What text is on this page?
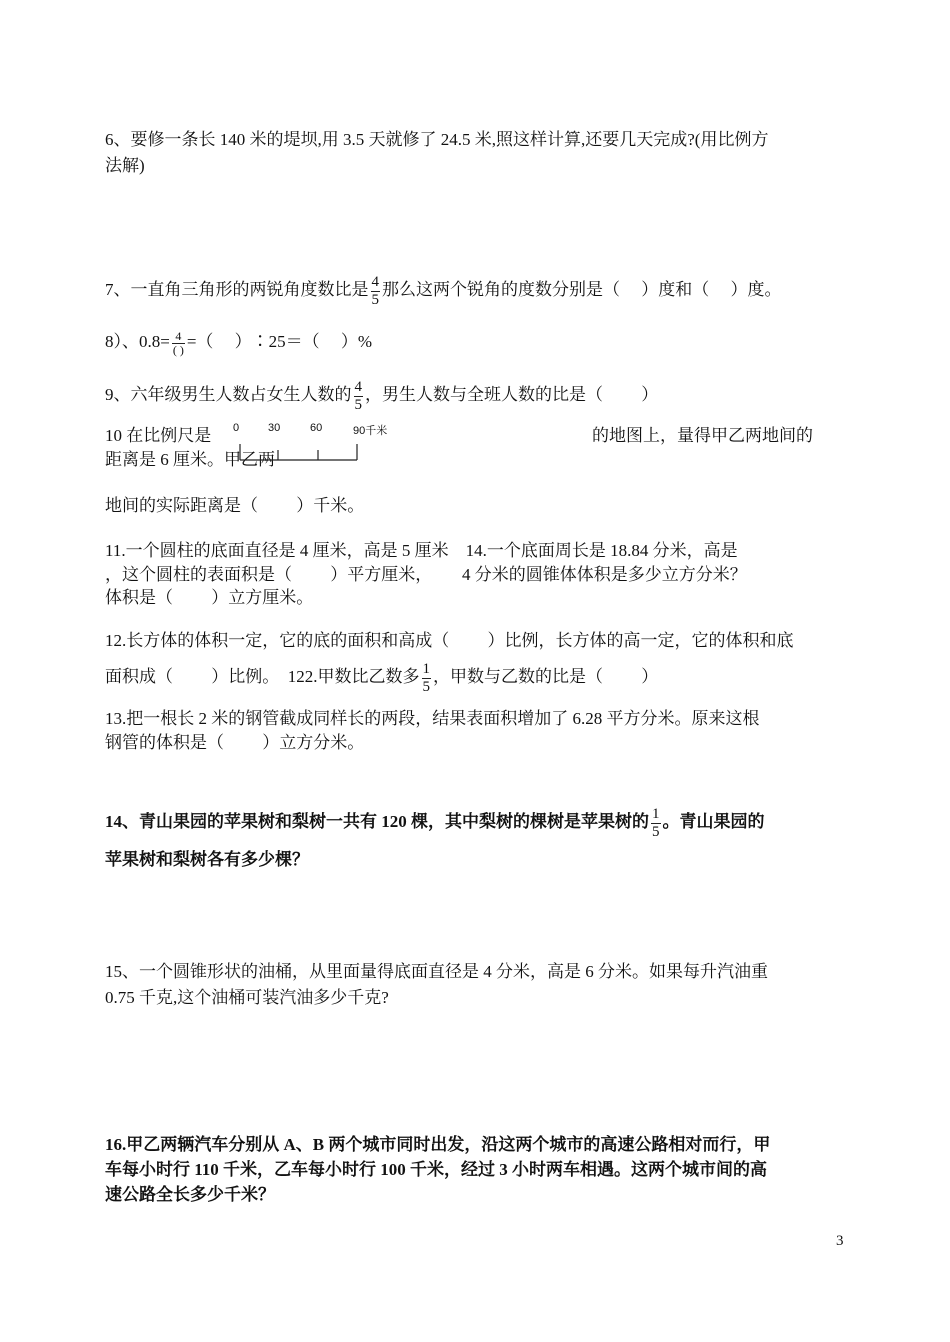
6、要修一条长 140 米的堤坝,用 3.5 天就修了 24.5 米,照这样计算,还要几天完成?(用比例方
法解)
7、一直角三角形的两锐角度数比是 $\frac{4}{5}$ 那么这两个锐角的度数分别是（　 ）度和（　 ）度。
8）、$0.8= \frac{4}{( )}$ =（　 ）∶25＝（　 ）%
9、六年级男生人数占女生人数的 $\frac{4}{5}$ ，男生人数与全班人数的比是（　　 ）
10 在比例尺是	的地图上，量得甲乙两地间的
距离是 6 厘米。甲乙两
0	30	60	90千米
地间的实际距离是（　　 ）千米。
11.一个圆柱的底面直径是 4 厘米，高是 5 厘米　14.一个底面周长是 18.84 分米，高是
，这个圆柱的表面积是（　　 ）平方厘米，　　 4 分米的圆锥体体积是多少立方分米？
体积是（　　 ）立方厘米。
12.长方体的体积一定，它的底的面积和高成（　　 ）比例，长方体的高一定，它的体积和底
面积成（　　 ）比例。　122.甲数比乙数多 $\frac{1}{5}$ ，甲数与乙数的比是（　　 ）
13.把一根长 2 米的钢管截成同样长的两段，结果表面积增加了 6.28 平方分米。原来这根
钢管的体积是（　　 ）立方分米。
14、青山果园的苹果树和梨树一共有 120 棵，其中梨树的棵树是苹果树的 $\frac{1}{5}$ 。青山果园的
苹果树和梨树各有多少棵？
15、一个圆锥形状的油桶，从里面量得底面直径是 4 分米，高是 6 分米。如果每升汽油重
0.75 千克,这个油桶可装汽油多少千克?
16.甲乙两辆汽车分别从 A、B 两个城市同时出发，沿这两个城市的高速公路相对而行，甲
车每小时行 110 千米，乙车每小时行 100 千米，经过 3 小时两车相遇。这两个城市间的高
速公路全长多少千米？
3
